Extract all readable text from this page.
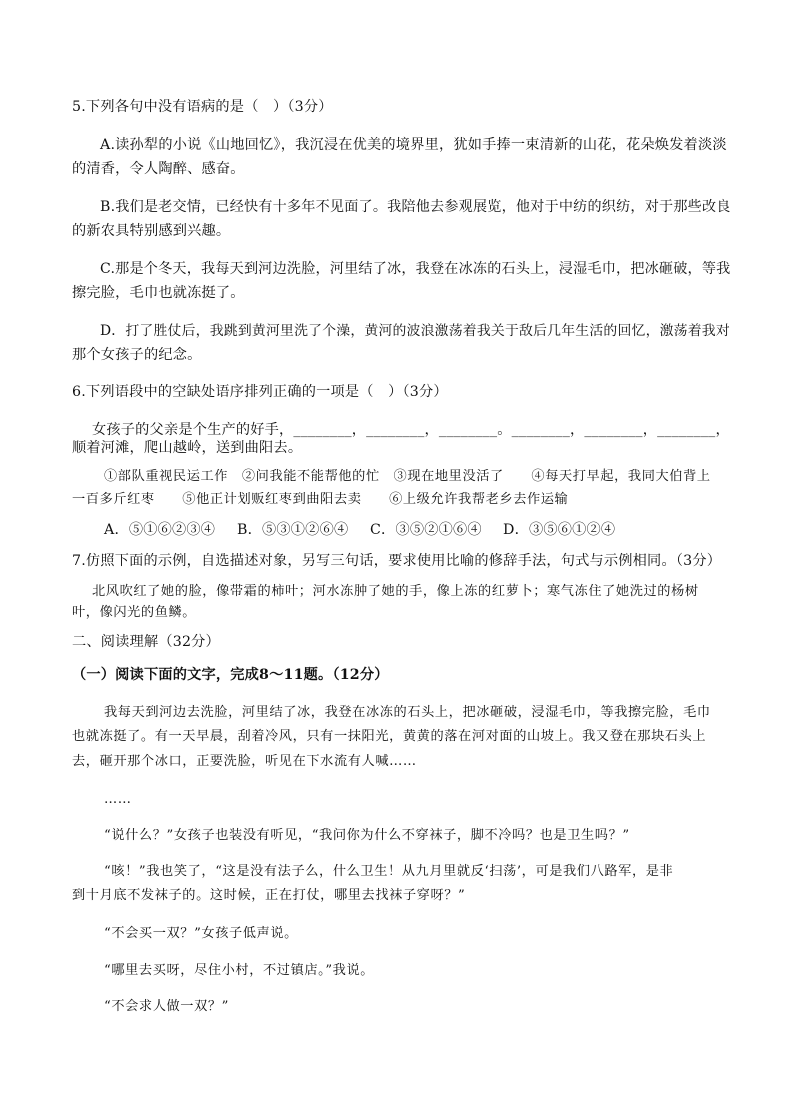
5.下列各句中没有语病的是（　）（3分）
A.读孙犁的小说《山地回忆》，我沉浸在优美的境界里，犹如手捧一束清新的山花，花朵焕发着淡淡
的清香，令人陶醉、感奋。
B.我们是老交情，已经快有十多年不见面了。我陪他去参观展览，他对于中纺的织纺，对于那些改良
的新农具特别感到兴趣。
C.那是个冬天，我每天到河边洗脸，河里结了冰，我登在冰冻的石头上，浸湿毛巾，把冰砸破，等我
擦完脸，毛巾也就冻挺了。
D．打了胜仗后，我跳到黄河里洗了个澡，黄河的波浪激荡着我关于敌后几年生活的回忆，激荡着我对
那个女孩子的纪念。
6.下列语段中的空缺处语序排列正确的一项是（　）（3分）
女孩子的父亲是个生产的好手，________，________，________。________，________，________，
顺着河滩，爬山越岭，送到曲阳去。
①部队重视民运工作　②问我能不能帮他的忙　③现在地里没活了　　④每天打早起，我同大伯背上
一百多斤红枣　　⑤他正计划贩红枣到曲阳去卖　　⑥上级允许我帮老乡去作运输
A．⑤①⑥②③④ B．⑤③①②⑥④ C．③⑤②①⑥④ D．③⑤⑥①②④
7.仿照下面的示例，自选描述对象，另写三句话，要求使用比喻的修辞手法，句式与示例相同。（3分）
北风吹红了她的脸，像带霜的柿叶；河水冻肿了她的手，像上冻的红萝卜；寒气冻住了她洗过的杨树
叶，像闪光的鱼鳞。
二、阅读理解（32分）
（一）阅读下面的文字，完成8～11题。（12分）
我每天到河边去洗脸，河里结了冰，我登在冰冻的石头上，把冰砸破，浸湿毛巾，等我擦完脸，毛巾
也就冻挺了。有一天早晨，刮着冷风，只有一抹阳光，黄黄的落在河对面的山坡上。我又登在那块石头上
去，砸开那个冰口，正要洗脸，听见在下水流有人喊……
……
“说什么？”女孩子也装没有听见，“我问你为什么不穿袜子，脚不冷吗？也是卫生吗？”
“咳！”我也笑了，“这是没有法子么，什么卫生！从九月里就反‘扫荡’，可是我们八路军，是非
到十月底不发袜子的。这时候，正在打仗，哪里去找袜子穿呀？”
“不会买一双？”女孩子低声说。
“哪里去买呀，尽住小村，不过镇店。”我说。
“不会求人做一双？”
